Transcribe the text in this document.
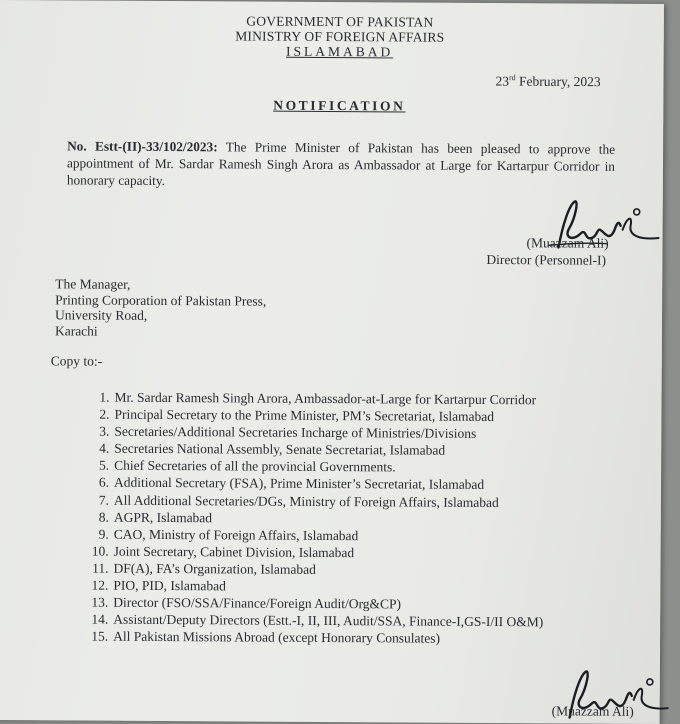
GOVERNMENT OF PAKISTAN
MINISTRY OF FOREIGN AFFAIRS
ISLAMABAD
23rd February, 2023
NOTIFICATION
No. Estt-(II)-33/102/2023: The Prime Minister of Pakistan has been pleased to approve the appointment of Mr. Sardar Ramesh Singh Arora as Ambassador at Large for Kartarpur Corridor in honorary capacity.
(Muazzam Ali)
Director (Personnel-I)
The Manager,
Printing Corporation of Pakistan Press,
University Road,
Karachi
Copy to:-
1. Mr. Sardar Ramesh Singh Arora, Ambassador-at-Large for Kartarpur Corridor
2. Principal Secretary to the Prime Minister, PM’s Secretariat, Islamabad
3. Secretaries/Additional Secretaries Incharge of Ministries/Divisions
4. Secretaries National Assembly, Senate Secretariat, Islamabad
5. Chief Secretaries of all the provincial Governments.
6. Additional Secretary (FSA), Prime Minister’s Secretariat, Islamabad
7. All Additional Secretaries/DGs, Ministry of Foreign Affairs, Islamabad
8. AGPR, Islamabad
9. CAO, Ministry of Foreign Affairs, Islamabad
10. Joint Secretary, Cabinet Division, Islamabad
11. DF(A), FA’s Organization, Islamabad
12. PIO, PID, Islamabad
13. Director (FSO/SSA/Finance/Foreign Audit/Org&CP)
14. Assistant/Deputy Directors (Estt.-I, II, III, Audit/SSA, Finance-I,GS-I/II O&M)
15. All Pakistan Missions Abroad (except Honorary Consulates)
(Muazzam Ali)
